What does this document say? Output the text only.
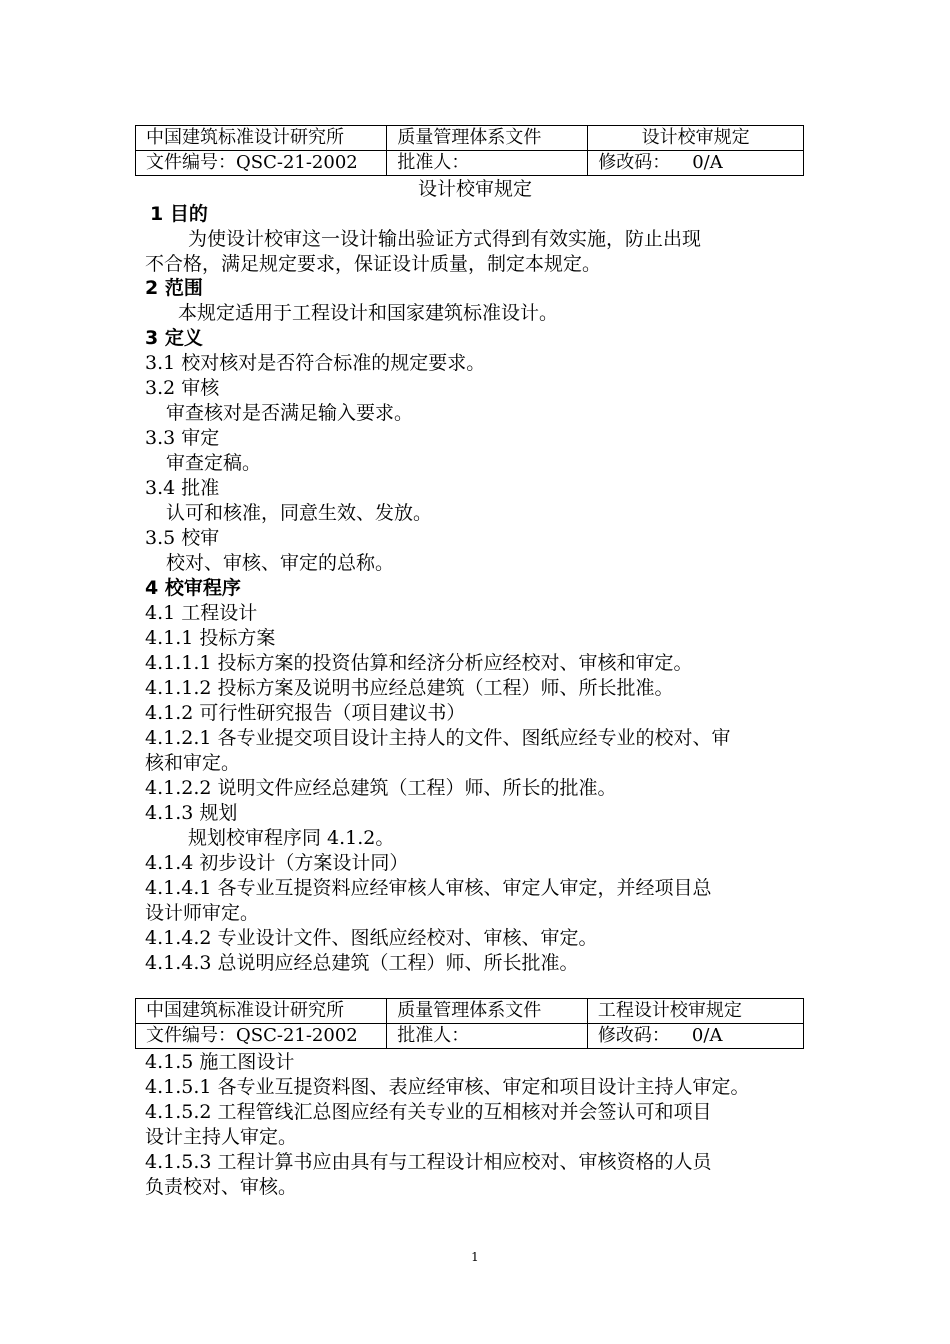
中国建筑标准设计研究所	质量管理体系文件	设计校审规定
文件编号：QSC-21-2002	批准人：	修改码： 0/A
设计校审规定
1 目的
为使设计校审这一设计输出验证方式得到有效实施，防止出现
不合格，满足规定要求，保证设计质量，制定本规定。
2 范围
本规定适用于工程设计和国家建筑标准设计。
3 定义
3.1 校对核对是否符合标准的规定要求。
3.2 审核
审查核对是否满足输入要求。
3.3 审定
审查定稿。
3.4 批准
认可和核准，同意生效、发放。
3.5 校审
校对、审核、审定的总称。
4 校审程序
4.1 工程设计
4.1.1 投标方案
4.1.1.1 投标方案的投资估算和经济分析应经校对、审核和审定。
4.1.1.2 投标方案及说明书应经总建筑（工程）师、所长批准。
4.1.2 可行性研究报告（项目建议书）
4.1.2.1 各专业提交项目设计主持人的文件、图纸应经专业的校对、审
核和审定。
4.1.2.2 说明文件应经总建筑（工程）师、所长的批准。
4.1.3 规划
规划校审程序同 4.1.2。
4.1.4 初步设计（方案设计同）
4.1.4.1 各专业互提资料应经审核人审核、审定人审定，并经项目总
设计师审定。
4.1.4.2 专业设计文件、图纸应经校对、审核、审定。
4.1.4.3 总说明应经总建筑（工程）师、所长批准。
中国建筑标准设计研究所	质量管理体系文件	工程设计校审规定
文件编号：QSC-21-2002	批准人：	修改码： 0/A
4.1.5 施工图设计
4.1.5.1 各专业互提资料图、表应经审核、审定和项目设计主持人审定。
4.1.5.2 工程管线汇总图应经有关专业的互相核对并会签认可和项目
设计主持人审定。
4.1.5.3 工程计算书应由具有与工程设计相应校对、审核资格的人员
负责校对、审核。
1
